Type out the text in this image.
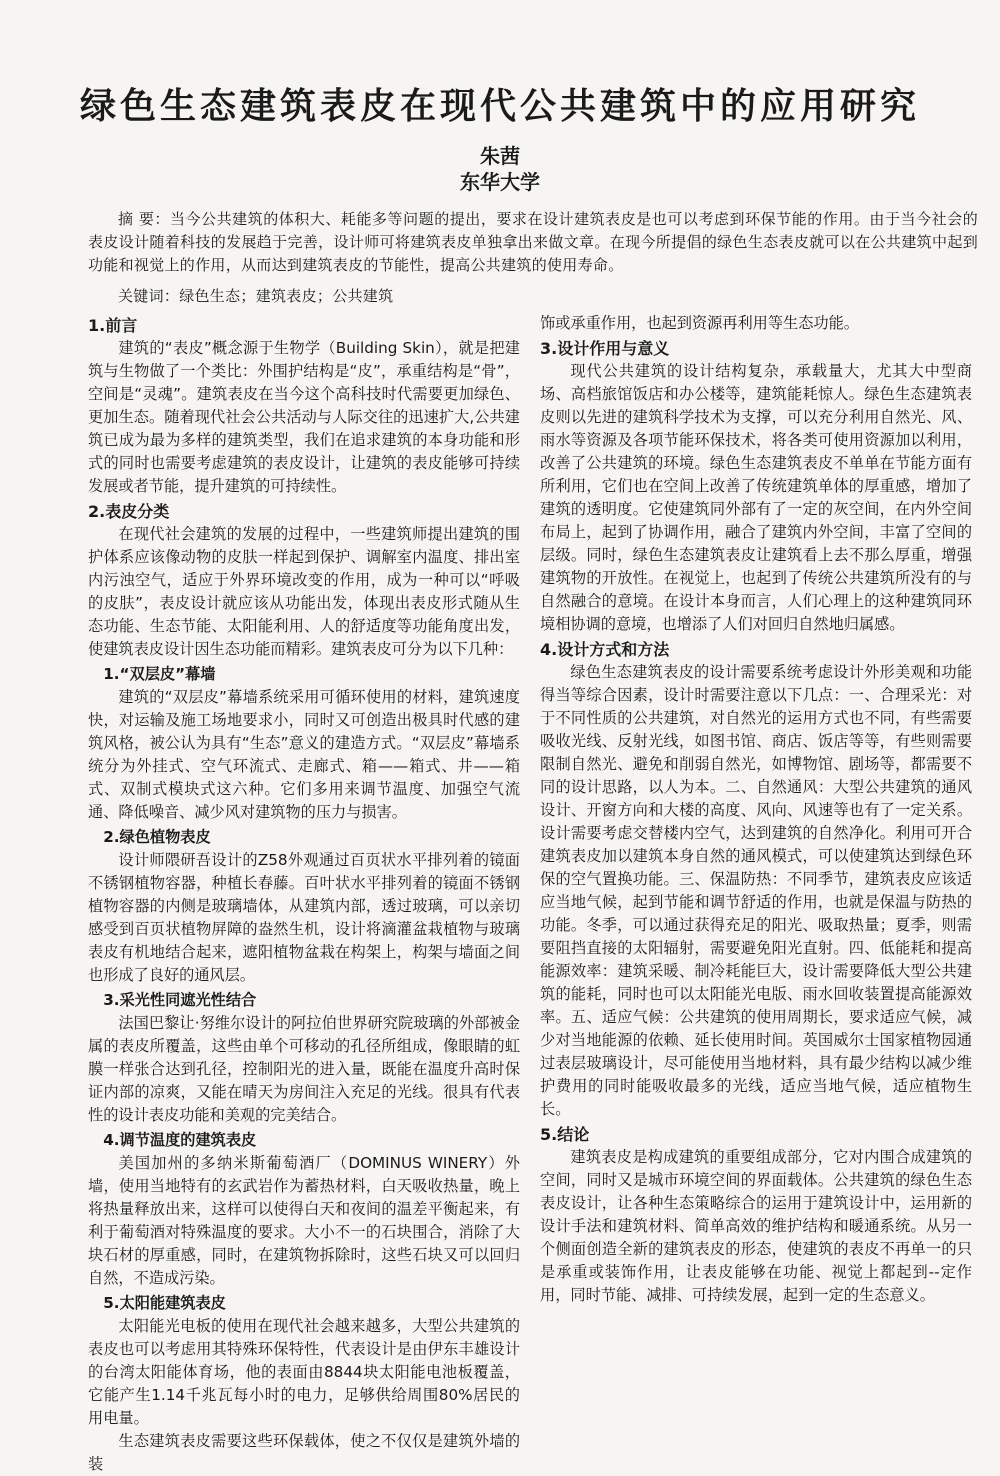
绿色生态建筑表皮在现代公共建筑中的应用研究
朱茜
东华大学

摘 要：当今公共建筑的体积大、耗能多等问题的提出，要求在设计建筑表皮是也可以考虑到环保节能的作用。由于当今社会的表皮设计随着科技的发展趋于完善，设计师可将建筑表皮单独拿出来做文章。在现今所提倡的绿色生态表皮就可以在公共建筑中起到功能和视觉上的作用，从而达到建筑表皮的节能性，提高公共建筑的使用寿命。

关键词：绿色生态；建筑表皮；公共建筑

1.前言

建筑的“表皮”概念源于生物学（Building Skin），就是把建筑与生物做了一个类比：外围护结构是“皮”，承重结构是“骨”，空间是“灵魂”。建筑表皮在当今这个高科技时代需要更加绿色、更加生态。随着现代社会公共活动与人际交往的迅速扩大,公共建筑已成为最为多样的建筑类型，我们在追求建筑的本身功能和形式的同时也需要考虑建筑的表皮设计，让建筑的表皮能够可持续发展或者节能，提升建筑的可持续性。

2.表皮分类

在现代社会建筑的发展的过程中，一些建筑师提出建筑的围护体系应该像动物的皮肤一样起到保护、调解室内温度、排出室内污浊空气，适应于外界环境改变的作用，成为一种可以“呼吸的皮肤”，表皮设计就应该从功能出发，体现出表皮形式随从生态功能、生态节能、太阳能利用、人的舒适度等功能角度出发，使建筑表皮设计因生态功能而精彩。建筑表皮可分为以下几种：

1.“双层皮”幕墙

建筑的“双层皮”幕墙系统采用可循环使用的材料，建筑速度快，对运输及施工场地要求小，同时又可创造出极具时代感的建筑风格，被公认为具有“生态”意义的建造方式。“双层皮”幕墙系统分为外挂式、空气环流式、走廊式、箱——箱式、井——箱式、双制式模块式这六种。它们多用来调节温度、加强空气流通、降低噪音、减少风对建筑物的压力与损害。

2.绿色植物表皮

设计师隈研吾设计的Z58外观通过百页状水平排列着的镜面不锈钢植物容器，种植长春藤。百叶状水平排列着的镜面不锈钢植物容器的内侧是玻璃墙体，从建筑内部，透过玻璃，可以亲切感受到百页状植物屏障的盎然生机，设计将滴灌盆栽植物与玻璃表皮有机地结合起来，遮阳植物盆栽在构架上，构架与墙面之间也形成了良好的通风层。

3.采光性同遮光性结合

法国巴黎让·努维尔设计的阿拉伯世界研究院玻璃的外部被金属的表皮所覆盖，这些由单个可移动的孔径所组成，像眼睛的虹膜一样张合达到孔径，控制阳光的进入量，既能在温度升高时保证内部的凉爽，又能在晴天为房间注入充足的光线。很具有代表性的设计表皮功能和美观的完美结合。

4.调节温度的建筑表皮

美国加州的多纳米斯葡萄酒厂（DOMINUS WINERY）外墙，使用当地特有的玄武岩作为蓄热材料，白天吸收热量，晚上将热量释放出来，这样可以使得白天和夜间的温差平衡起来，有利于葡萄酒对特殊温度的要求。大小不一的石块围合，消除了大块石材的厚重感，同时，在建筑物拆除时，这些石块又可以回归自然，不造成污染。

5.太阳能建筑表皮

太阳能光电板的使用在现代社会越来越多，大型公共建筑的表皮也可以考虑用其特殊环保特性，代表设计是由伊东丰雄设计的台湾太阳能体育场，他的表面由8844块太阳能电池板覆盖，它能产生1.14千兆瓦每小时的电力，足够供给周围80%居民的用电量。

生态建筑表皮需要这些环保载体，使之不仅仅是建筑外墙的装

饰或承重作用，也起到资源再利用等生态功能。

3.设计作用与意义

现代公共建筑的设计结构复杂，承载量大，尤其大中型商场、高档旅馆饭店和办公楼等，建筑能耗惊人。绿色生态建筑表皮则以先进的建筑科学技术为支撑，可以充分利用自然光、风、雨水等资源及各项节能环保技术，将各类可使用资源加以利用，改善了公共建筑的环境。绿色生态建筑表皮不单单在节能方面有所利用，它们也在空间上改善了传统建筑单体的厚重感，增加了建筑的透明度。它使建筑同外部有了一定的灰空间，在内外空间布局上，起到了协调作用，融合了建筑内外空间，丰富了空间的层级。同时，绿色生态建筑表皮让建筑看上去不那么厚重，增强建筑物的开放性。在视觉上，也起到了传统公共建筑所没有的与自然融合的意境。在设计本身而言，人们心理上的这种建筑同环境相协调的意境，也增添了人们对回归自然地归属感。

4.设计方式和方法

绿色生态建筑表皮的设计需要系统考虑设计外形美观和功能得当等综合因素，设计时需要注意以下几点：一、合理采光：对于不同性质的公共建筑，对自然光的运用方式也不同，有些需要吸收光线、反射光线，如图书馆、商店、饭店等等，有些则需要限制自然光、避免和削弱自然光，如博物馆、剧场等，都需要不同的设计思路，以人为本。二、自然通风：大型公共建筑的通风设计、开窗方向和大楼的高度、风向、风速等也有了一定关系。设计需要考虑交替楼内空气，达到建筑的自然净化。利用可开合建筑表皮加以建筑本身自然的通风模式，可以使建筑达到绿色环保的空气置换功能。三、保温防热：不同季节，建筑表皮应该适应当地气候，起到节能和调节舒适的作用，也就是保温与防热的功能。冬季，可以通过获得充足的阳光、吸取热量；夏季，则需要阻挡直接的太阳辐射，需要避免阳光直射。四、低能耗和提高能源效率：建筑采暖、制冷耗能巨大，设计需要降低大型公共建筑的能耗，同时也可以太阳能光电版、雨水回收装置提高能源效率。五、适应气候：公共建筑的使用周期长，要求适应气候，减少对当地能源的依赖、延长使用时间。英国威尔士国家植物园通过表层玻璃设计，尽可能使用当地材料，具有最少结构以减少维护费用的同时能吸收最多的光线，适应当地气候，适应植物生长。

5.结论

建筑表皮是构成建筑的重要组成部分，它对内围合成建筑的空间，同时又是城市环境空间的界面载体。公共建筑的绿色生态表皮设计，让各种生态策略综合的运用于建筑设计中，运用新的设计手法和建筑材料、简单高效的维护结构和暖通系统。从另一个侧面创造全新的建筑表皮的形态，使建筑的表皮不再单一的只是承重或装饰作用，让表皮能够在功能、视觉上都起到--定作用，同时节能、减排、可持续发展，起到一定的生态意义。
